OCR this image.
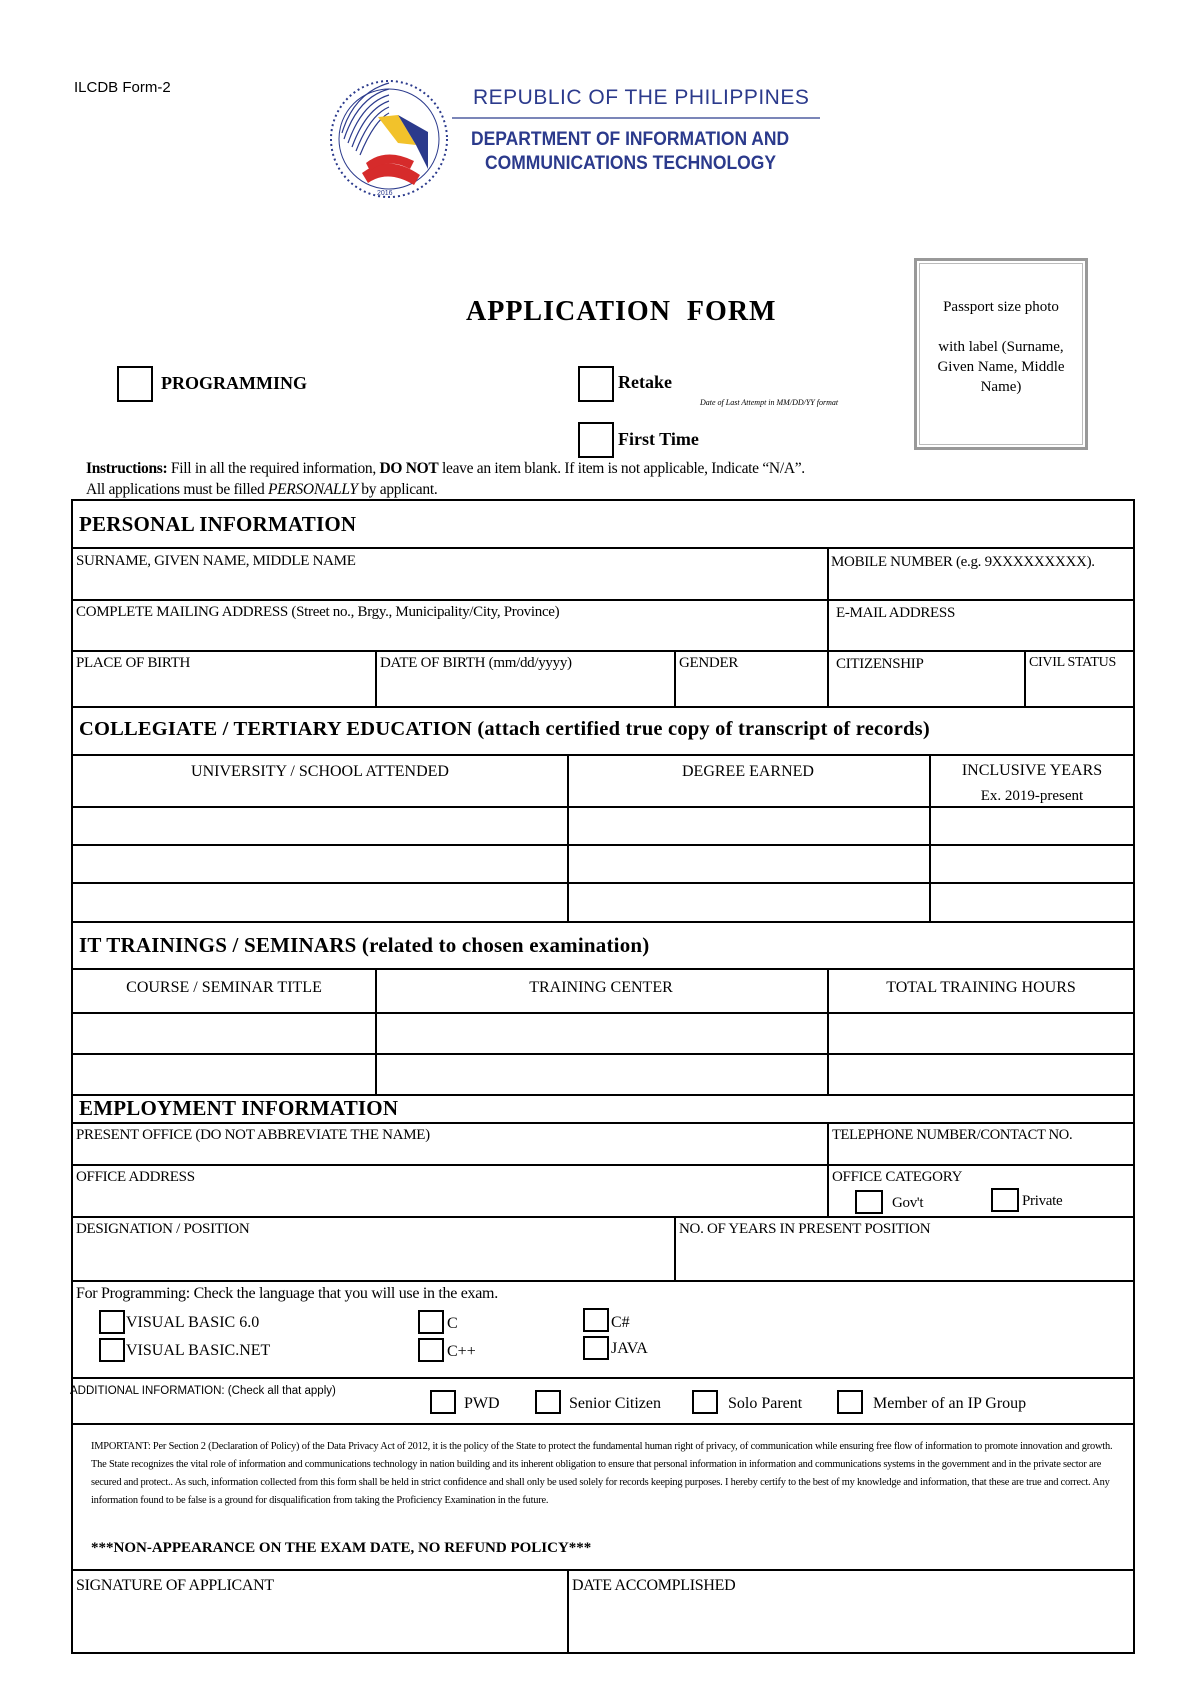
ILCDB Form-2
2016
REPUBLIC OF THE PHILIPPINES
DEPARTMENT OF INFORMATION AND
COMMUNICATIONS TECHNOLOGY
APPLICATION  FORM	Passport size photo
with label (Surname, Given Name, Middle Name)
PROGRAMMING	Retake
Date of Last Attempt in MM/DD/YY format
First Time
Instructions: Fill in all the required information, DO NOT leave an item blank. If item is not applicable, Indicate “N/A”.
All applications must be filled PERSONALLY by applicant.
PERSONAL INFORMATION
SURNAME, GIVEN NAME, MIDDLE NAME	MOBILE NUMBER (e.g. 9XXXXXXXXX).
COMPLETE MAILING ADDRESS (Street no., Brgy., Municipality/City, Province)	E-MAIL ADDRESS
PLACE OF BIRTH	DATE OF BIRTH (mm/dd/yyyy)	GENDER	CITIZENSHIP	CIVIL STATUS
COLLEGIATE / TERTIARY EDUCATION (attach certified true copy of transcript of records)
UNIVERSITY / SCHOOL ATTENDED	DEGREE EARNED	INCLUSIVE YEARS
Ex. 2019-present
IT TRAININGS / SEMINARS (related to chosen examination)
COURSE / SEMINAR TITLE	TRAINING CENTER	TOTAL TRAINING HOURS
EMPLOYMENT INFORMATION
PRESENT OFFICE (DO NOT ABBREVIATE THE NAME)	TELEPHONE NUMBER/CONTACT NO.
OFFICE ADDRESS	OFFICE CATEGORY
Gov't	Private
DESIGNATION / POSITION	NO. OF YEARS IN PRESENT POSITION
For Programming: Check the language that you will use in the exam.
VISUAL BASIC 6.0
VISUAL BASIC.NET
C
C++
C#
JAVA
ADDITIONAL INFORMATION: (Check all that apply)
PWD	Senior Citizen	Solo Parent	Member of an IP Group
IMPORTANT: Per Section 2 (Declaration of Policy) of the Data Privacy Act of 2012, it is the policy of the State to protect the fundamental human right of privacy, of communication while ensuring free flow of information to promote innovation and growth. The State recognizes the vital role of information and communications technology in nation building and its inherent obligation to ensure that personal information in information and communications systems in the government and in the private sector are secured and protect.. As such, information collected from this form shall be held in strict confidence and shall only be used solely for records keeping purposes. I hereby certify to the best of my knowledge and information, that these are true and correct. Any information found to be false is a ground for disqualification from taking the Proficiency Examination in the future.
***NON-APPEARANCE ON THE EXAM DATE, NO REFUND POLICY***
SIGNATURE OF APPLICANT	DATE ACCOMPLISHED
